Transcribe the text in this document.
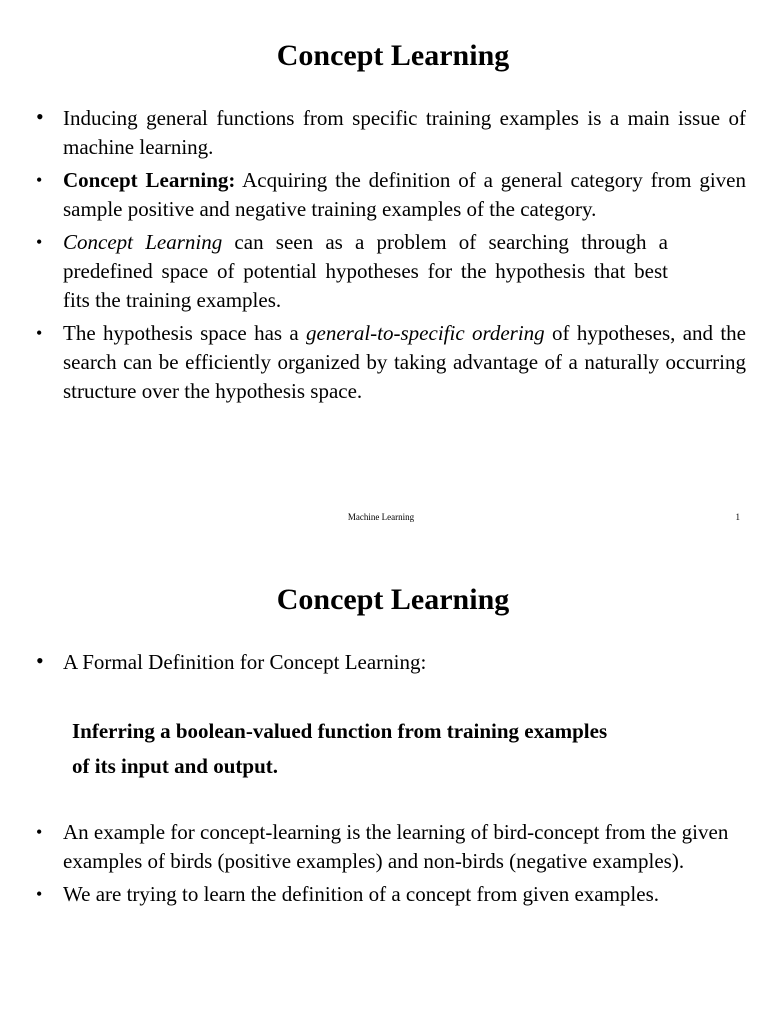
Concept Learning
• Inducing general functions from specific training examples is a main issue of machine learning.
• Concept Learning: Acquiring the definition of a general category from given sample positive and negative training examples of the category.
• Concept Learning can seen as a problem of searching through a predefined space of potential hypotheses for the hypothesis that best fits the training examples.
• The hypothesis space has a general-to-specific ordering of hypotheses, and the search can be efficiently organized by taking advantage of a naturally occurring structure over the hypothesis space.
Machine Learning	1
Concept Learning
• A Formal Definition for Concept Learning:

Inferring a boolean-valued function from training examples
of its input and output.

• An example for concept-learning is the learning of bird-concept from the given examples of birds (positive examples) and non-birds (negative examples).
• We are trying to learn the definition of a concept from given examples.
